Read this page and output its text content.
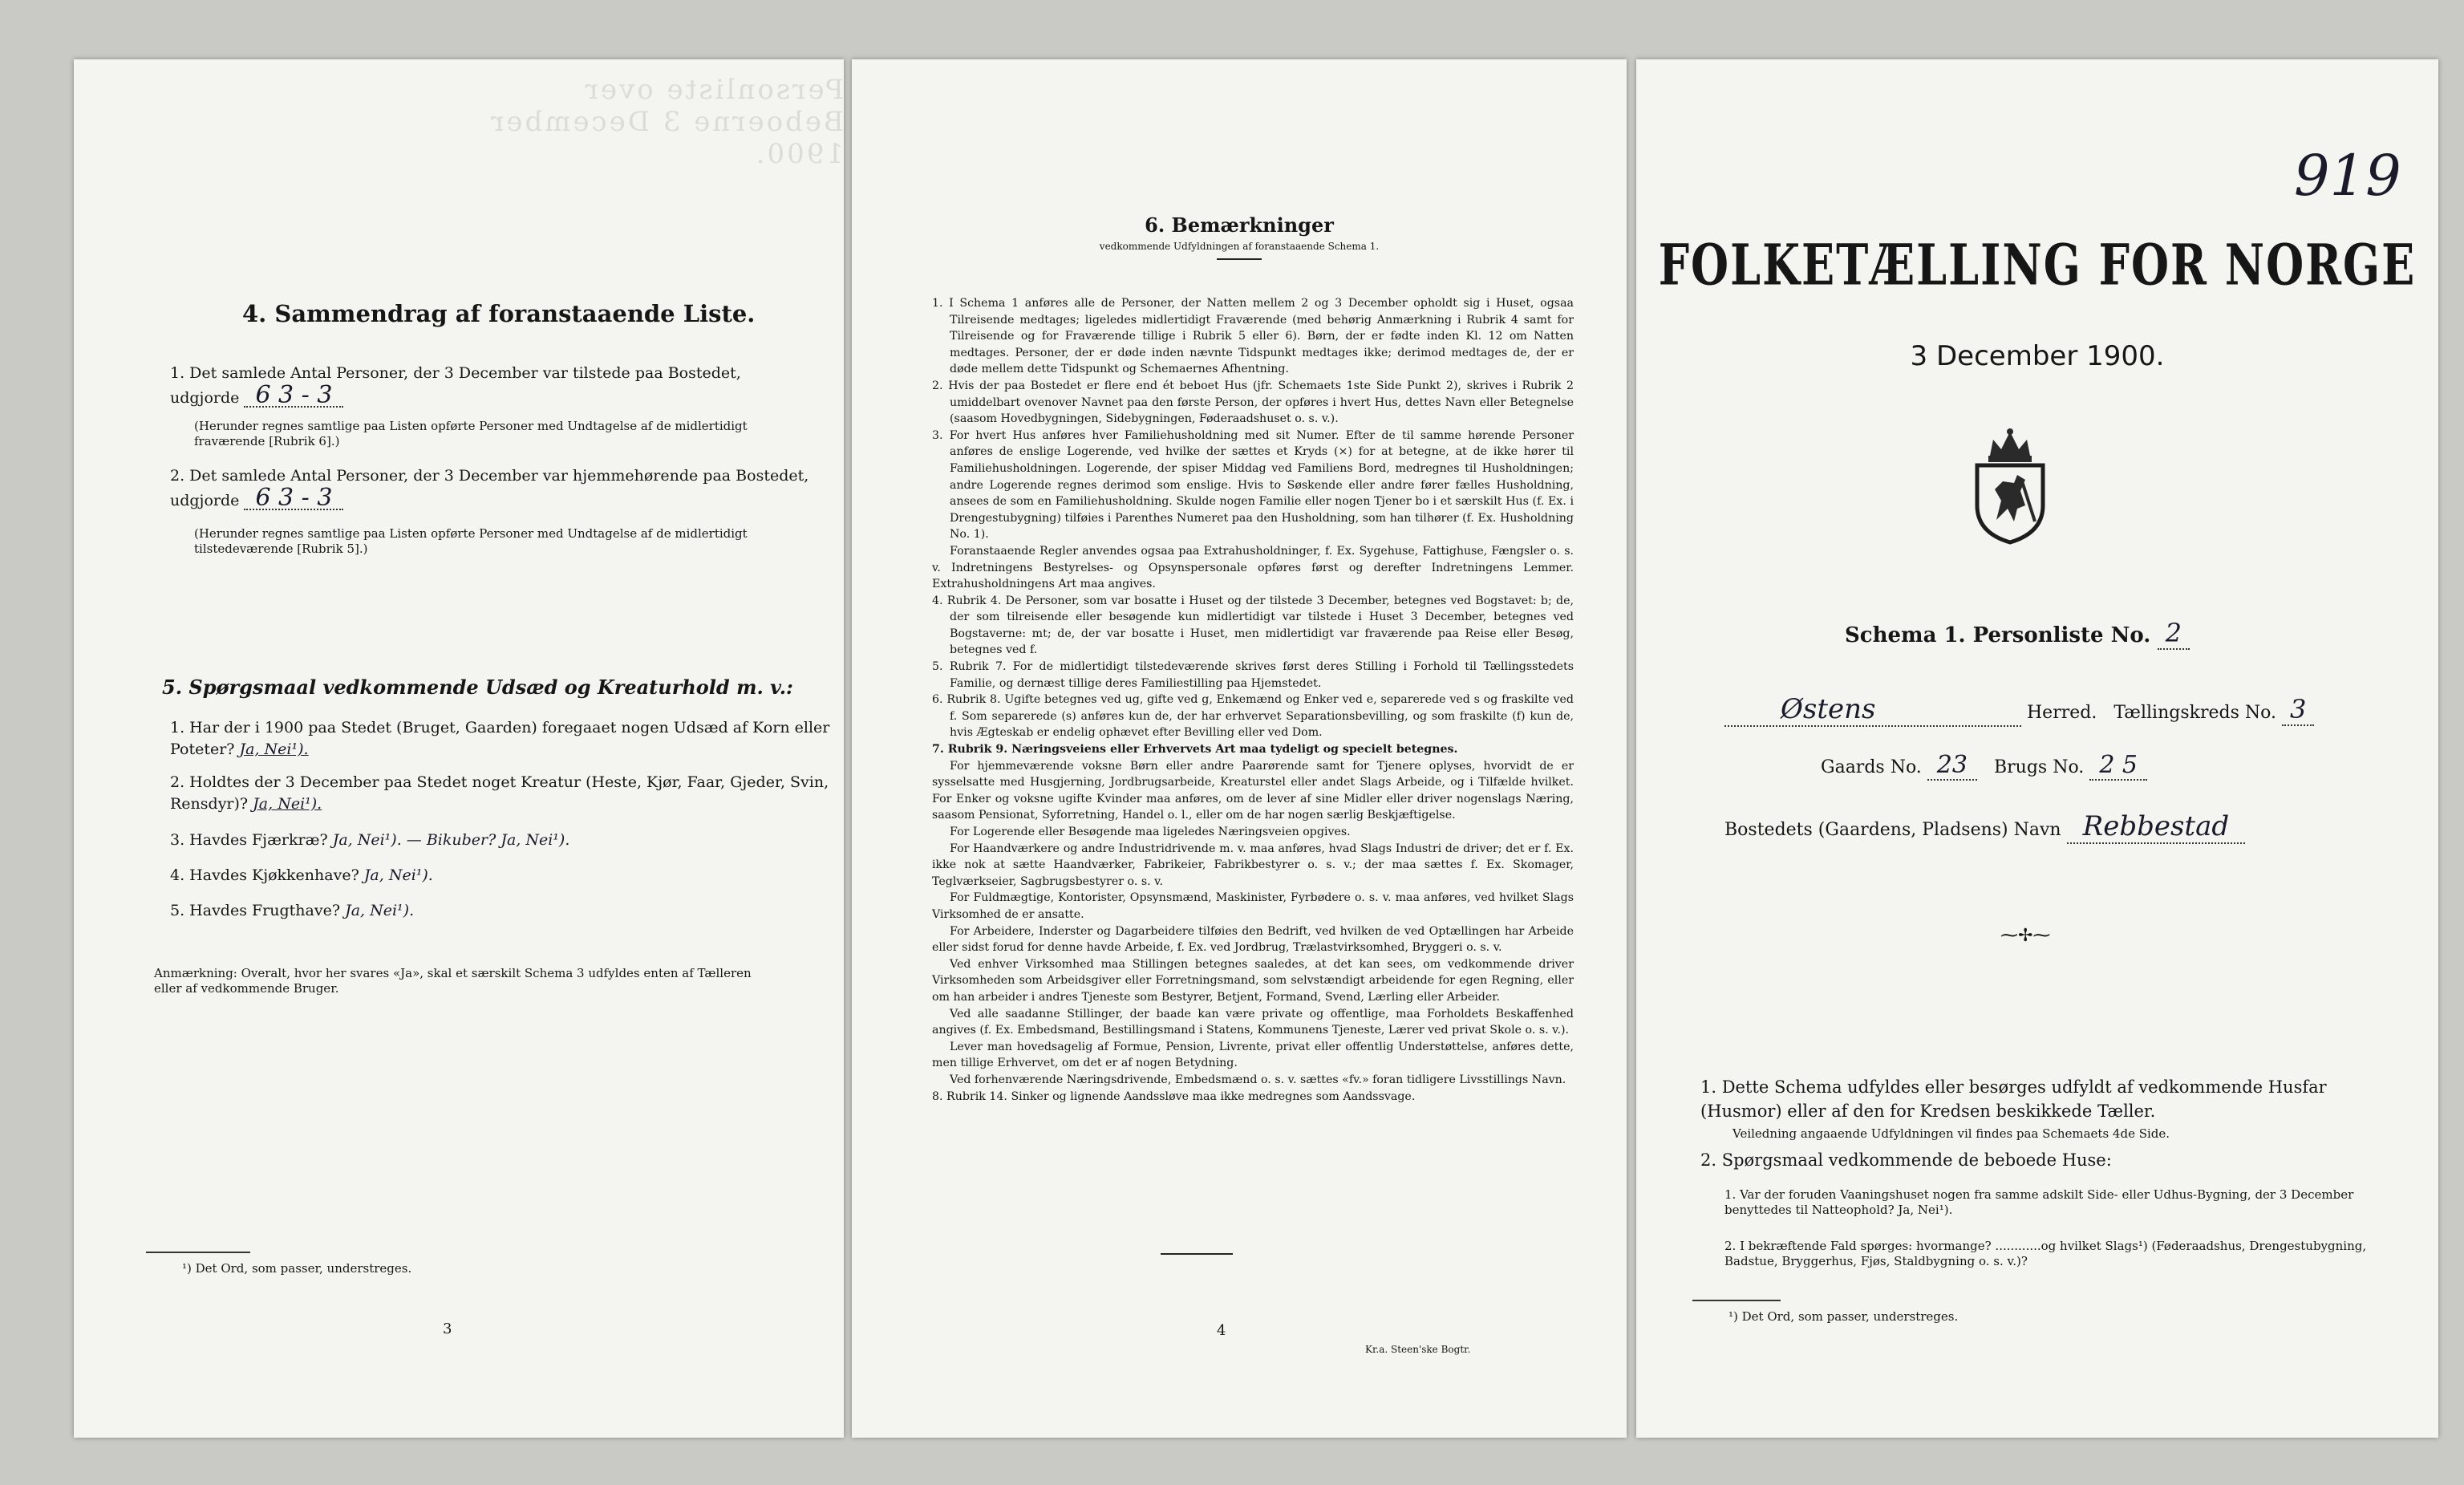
Personliste over Beboerne 3 December 1900.
4. Sammendrag af foranstaaende Liste.
1. Det samlede Antal Personer, der 3 December var tilstede paa Bostedet, udgjorde 6 3 - 3
(Herunder regnes samtlige paa Listen opførte Personer med Undtagelse af de midlertidigt fraværende [Rubrik 6].)
2. Det samlede Antal Personer, der 3 December var hjemmehørende paa Bostedet, udgjorde 6 3 - 3
(Herunder regnes samtlige paa Listen opførte Personer med Undtagelse af de midlertidigt tilstedeværende [Rubrik 5].)
5. Spørgsmaal vedkommende Udsæd og Kreaturhold m. v.:
1. Har der i 1900 paa Stedet (Bruget, Gaarden) foregaaet nogen Udsæd af Korn eller Poteter? Ja, Nei¹).
2. Holdtes der 3 December paa Stedet noget Kreatur (Heste, Kjør, Faar, Gjeder, Svin, Rensdyr)? Ja, Nei¹).
3. Havdes Fjærkræ? Ja, Nei¹). — Bikuber? Ja, Nei¹).
4. Havdes Kjøkkenhave? Ja, Nei¹).
5. Havdes Frugthave? Ja, Nei¹).
Anmærkning: Overalt, hvor her svares «Ja», skal et særskilt Schema 3 udfyldes enten af Tælleren eller af vedkommende Bruger.
¹) Det Ord, som passer, understreges.
3
6. Bemærkninger
vedkommende Udfyldningen af foranstaaende Schema 1.

1. I Schema 1 anføres alle de Personer, der Natten mellem 2 og 3 December opholdt sig i Huset, ogsaa Tilreisende medtages; ligeledes midlertidigt Fraværende (med behørig Anmærkning i Rubrik 4 samt for Tilreisende og for Fraværende tillige i Rubrik 5 eller 6). Børn, der er fødte inden Kl. 12 om Natten medtages. Personer, der er døde inden nævnte Tidspunkt medtages ikke; derimod medtages de, der er døde mellem dette Tidspunkt og Schemaernes Afhentning.

2. Hvis der paa Bostedet er flere end ét beboet Hus (jfr. Schemaets 1ste Side Punkt 2), skrives i Rubrik 2 umiddelbart ovenover Navnet paa den første Person, der opføres i hvert Hus, dettes Navn eller Betegnelse (saasom Hovedbygningen, Sidebygningen, Føderaadshuset o. s. v.).

3. For hvert Hus anføres hver Familiehusholdning med sit Numer. Efter de til samme hørende Personer anføres de enslige Logerende, ved hvilke der sættes et Kryds (×) for at betegne, at de ikke hører til Familiehusholdningen. Logerende, der spiser Middag ved Familiens Bord, medregnes til Husholdningen; andre Logerende regnes derimod som enslige. Hvis to Søskende eller andre fører fælles Husholdning, ansees de som en Familiehusholdning. Skulde nogen Familie eller nogen Tjener bo i et særskilt Hus (f. Ex. i Drengestubygning) tilføies i Parenthes Numeret paa den Husholdning, som han tilhører (f. Ex. Husholdning No. 1).

Foranstaaende Regler anvendes ogsaa paa Extrahusholdninger, f. Ex. Sygehuse, Fattighuse, Fængsler o. s. v. Indretningens Bestyrelses- og Opsynspersonale opføres først og derefter Indretningens Lemmer. Extrahusholdningens Art maa angives.

4. Rubrik 4. De Personer, som var bosatte i Huset og der tilstede 3 December, betegnes ved Bogstavet: b; de, der som tilreisende eller besøgende kun midlertidigt var tilstede i Huset 3 December, betegnes ved Bogstaverne: mt; de, der var bosatte i Huset, men midlertidigt var fraværende paa Reise eller Besøg, betegnes ved f.

5. Rubrik 7. For de midlertidigt tilstedeværende skrives først deres Stilling i Forhold til Tællingsstedets Familie, og dernæst tillige deres Familiestilling paa Hjemstedet.

6. Rubrik 8. Ugifte betegnes ved ug, gifte ved g, Enkemænd og Enker ved e, separerede ved s og fraskilte ved f. Som separerede (s) anføres kun de, der har erhvervet Separationsbevilling, og som fraskilte (f) kun de, hvis Ægteskab er endelig ophævet efter Bevilling eller ved Dom.

7. Rubrik 9. Næringsveiens eller Erhvervets Art maa tydeligt og specielt betegnes.

For hjemmeværende voksne Børn eller andre Paarørende samt for Tjenere oplyses, hvorvidt de er sysselsatte med Husgjerning, Jordbrugsarbeide, Kreaturstel eller andet Slags Arbeide, og i Tilfælde hvilket. For Enker og voksne ugifte Kvinder maa anføres, om de lever af sine Midler eller driver nogenslags Næring, saasom Pensionat, Syforretning, Handel o. l., eller om de har nogen særlig Beskjæftigelse.

For Logerende eller Besøgende maa ligeledes Næringsveien opgives.

For Haandværkere og andre Industridrivende m. v. maa anføres, hvad Slags Industri de driver; det er f. Ex. ikke nok at sætte Haandværker, Fabrikeier, Fabrikbestyrer o. s. v.; der maa sættes f. Ex. Skomager, Teglværkseier, Sagbrugsbestyrer o. s. v.

For Fuldmægtige, Kontorister, Opsynsmænd, Maskinister, Fyrbødere o. s. v. maa anføres, ved hvilket Slags Virksomhed de er ansatte.

For Arbeidere, Inderster og Dagarbeidere tilføies den Bedrift, ved hvilken de ved Optællingen har Arbeide eller sidst forud for denne havde Arbeide, f. Ex. ved Jordbrug, Trælastvirksomhed, Bryggeri o. s. v.

Ved enhver Virksomhed maa Stillingen betegnes saaledes, at det kan sees, om vedkommende driver Virksomheden som Arbeidsgiver eller Forretningsmand, som selvstændigt arbeidende for egen Regning, eller om han arbeider i andres Tjeneste som Bestyrer, Betjent, Formand, Svend, Lærling eller Arbeider.

Ved alle saadanne Stillinger, der baade kan være private og offentlige, maa Forholdets Beskaffenhed angives (f. Ex. Embedsmand, Bestillingsmand i Statens, Kommunens Tjeneste, Lærer ved privat Skole o. s. v.).

Lever man hovedsagelig af Formue, Pension, Livrente, privat eller offentlig Understøttelse, anføres dette, men tillige Erhvervet, om det er af nogen Betydning.

Ved forhenværende Næringsdrivende, Embedsmænd o. s. v. sættes «fv.» foran tidligere Livsstillings Navn.

8. Rubrik 14. Sinker og lignende Aandssløve maa ikke medregnes som Aandssvage.

4
Kr.a. Steen'ske Bogtr.
919
FOLKETÆLLING FOR NORGE
3 December 1900.
Schema 1. Personliste No. 2
Østens	Herred. Tællingskreds No. 3
Gaards No. 23 Brugs No. 2 5
Bostedets (Gaardens, Pladsens) Navn Rebbestad
⁓✢⁓
1. Dette Schema udfyldes eller besørges udfyldt af vedkommende Husfar (Husmor) eller af den for Kredsen beskikkede Tæller.
Veiledning angaaende Udfyldningen vil findes paa Schemaets 4de Side.
2. Spørgsmaal vedkommende de beboede Huse:
1. Var der foruden Vaaningshuset nogen fra samme adskilt Side- eller Udhus-Bygning, der 3 December benyttedes til Natteophold? Ja, Nei¹).
2. I bekræftende Fald spørges: hvormange? ............og hvilket Slags¹) (Føderaadshus, Drengestubygning, Badstue, Bryggerhus, Fjøs, Staldbygning o. s. v.)?
¹) Det Ord, som passer, understreges.
